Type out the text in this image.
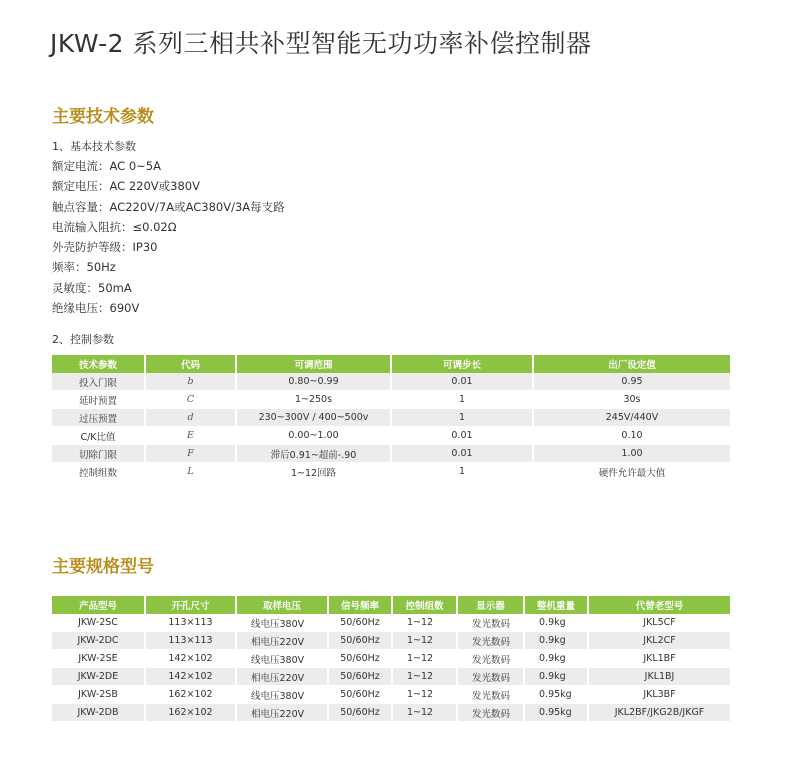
JKW-2 系列三相共补型智能无功功率补偿控制器
主要技术参数
1、基本技术参数
额定电流：AC 0~5A
额定电压：AC 220V或380V
触点容量：AC220V/7A或AC380V/3A每支路
电流输入阻抗：≤0.02Ω
外壳防护等级：IP30
频率：50Hz
灵敏度：50mA
绝缘电压：690V
2、控制参数
技术参数	代码	可调范围	可调步长	出厂设定值
投入门限	b	0.80~0.99	0.01	0.95
延时预置	C	1~250s	1	30s
过压预置	d	230~300V / 400~500v	1	245V/440V
C/K比值	E	0.00~1.00	0.01	0.10
切除门限	F	滞后0.91~超前-.90	0.01	1.00
控制组数	L	1~12回路	1	硬件允许最大值
主要规格型号
产品型号	开孔尺寸	取样电压	信号频率	控制组数	显示器	整机重量	代替老型号
JKW-2SC	113×113	线电压380V	50/60Hz	1~12	发光数码	0.9kg	JKL5CF
JKW-2DC	113×113	相电压220V	50/60Hz	1~12	发光数码	0.9kg	JKL2CF
JKW-2SE	142×102	线电压380V	50/60Hz	1~12	发光数码	0.9kg	JKL1BF
JKW-2DE	142×102	相电压220V	50/60Hz	1~12	发光数码	0.9kg	JKL1BJ
JKW-2SB	162×102	线电压380V	50/60Hz	1~12	发光数码	0.95kg	JKL3BF
JKW-2DB	162×102	相电压220V	50/60Hz	1~12	发光数码	0.95kg	JKL2BF/JKG2B/JKGF
